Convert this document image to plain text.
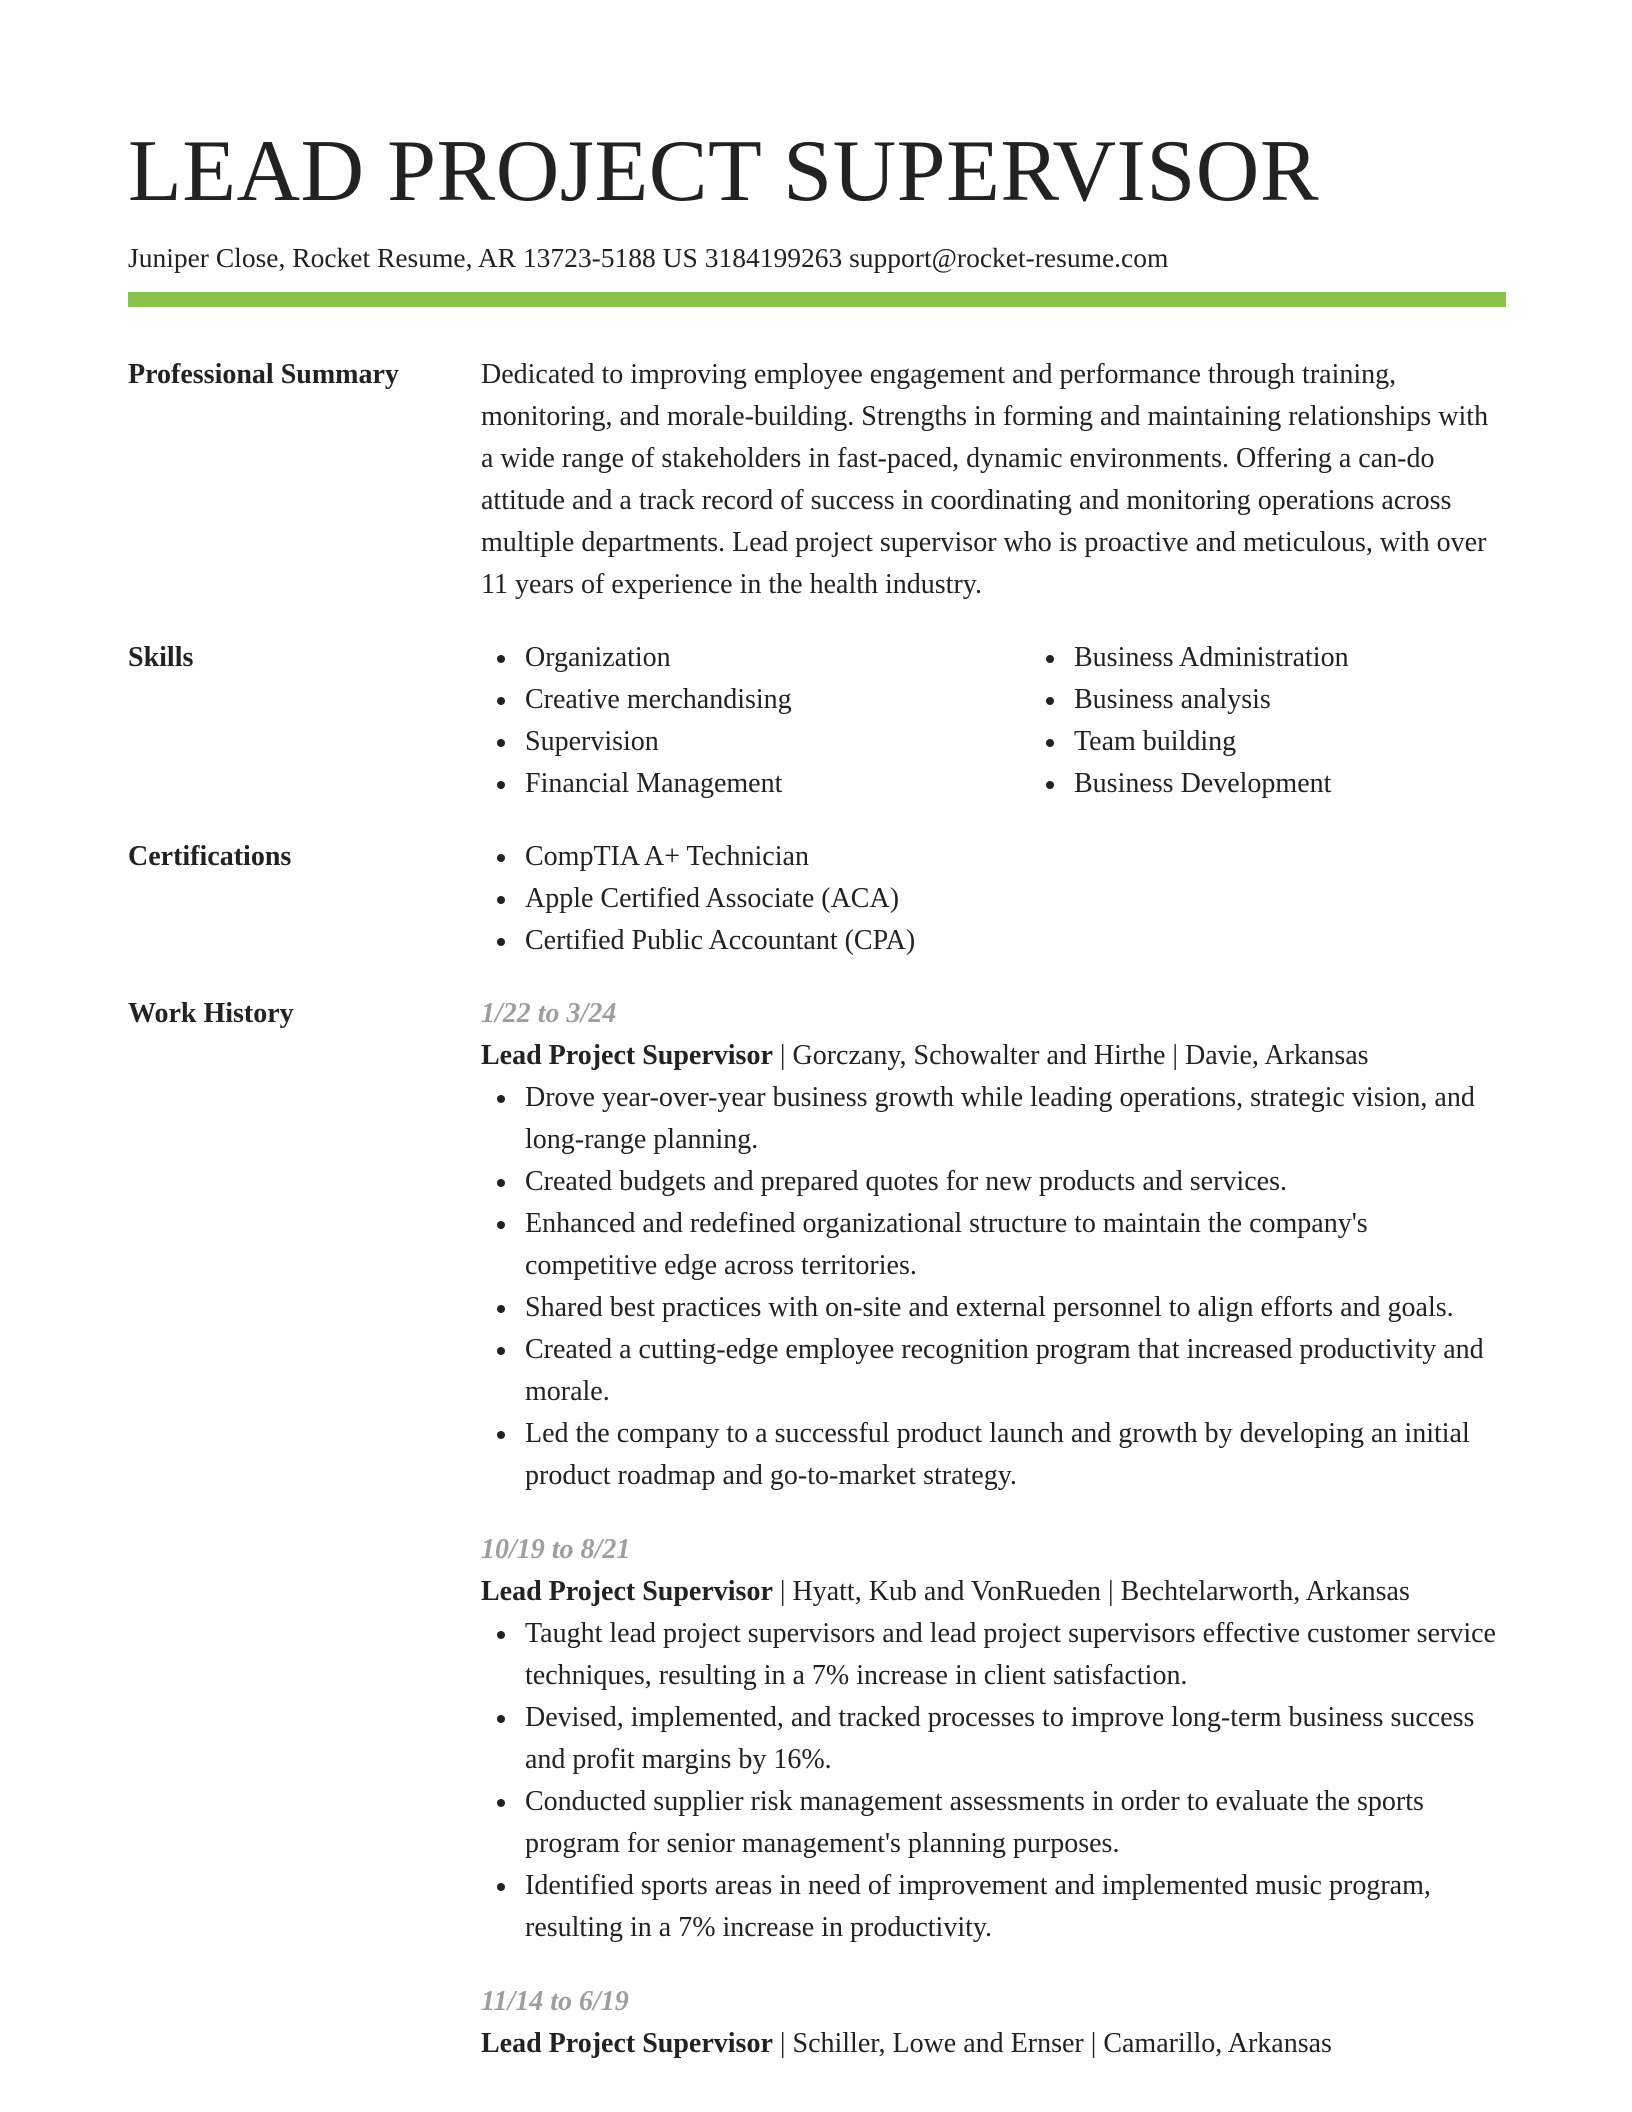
LEAD PROJECT SUPERVISOR
Juniper Close, Rocket Resume, AR 13723-5188 US 3184199263 support@rocket-resume.com
Professional Summary	Dedicated to improving employee engagement and performance through training, monitoring, and morale-building. Strengths in forming and maintaining relationships with a wide range of stakeholders in fast-paced, dynamic environments. Offering a can-do attitude and a track record of success in coordinating and monitoring operations across multiple departments. Lead project supervisor who is proactive and meticulous, with over 11 years of experience in the health industry.

Skills	Organization
Creative merchandising
Supervision
Financial Management
Business Administration
Business analysis
Team building
Business Development
Certifications	CompTIA A+ Technician
Apple Certified Associate (ACA)
Certified Public Accountant (CPA)
Work History	1/22 to 3/24
Lead Project Supervisor | Gorczany, Schowalter and Hirthe | Davie, Arkansas
Drove year-over-year business growth while leading operations, strategic vision, and long-range planning.
Created budgets and prepared quotes for new products and services.
Enhanced and redefined organizational structure to maintain the company's competitive edge across territories.
Shared best practices with on-site and external personnel to align efforts and goals.
Created a cutting-edge employee recognition program that increased productivity and morale.
Led the company to a successful product launch and growth by developing an initial product roadmap and go-to-market strategy.
10/19 to 8/21
Lead Project Supervisor | Hyatt, Kub and VonRueden | Bechtelarworth, Arkansas
Taught lead project supervisors and lead project supervisors effective customer service techniques, resulting in a 7% increase in client satisfaction.
Devised, implemented, and tracked processes to improve long-term business success and profit margins by 16%.
Conducted supplier risk management assessments in order to evaluate the sports program for senior management's planning purposes.
Identified sports areas in need of improvement and implemented music program, resulting in a 7% increase in productivity.
11/14 to 6/19
Lead Project Supervisor | Schiller, Lowe and Ernser | Camarillo, Arkansas
